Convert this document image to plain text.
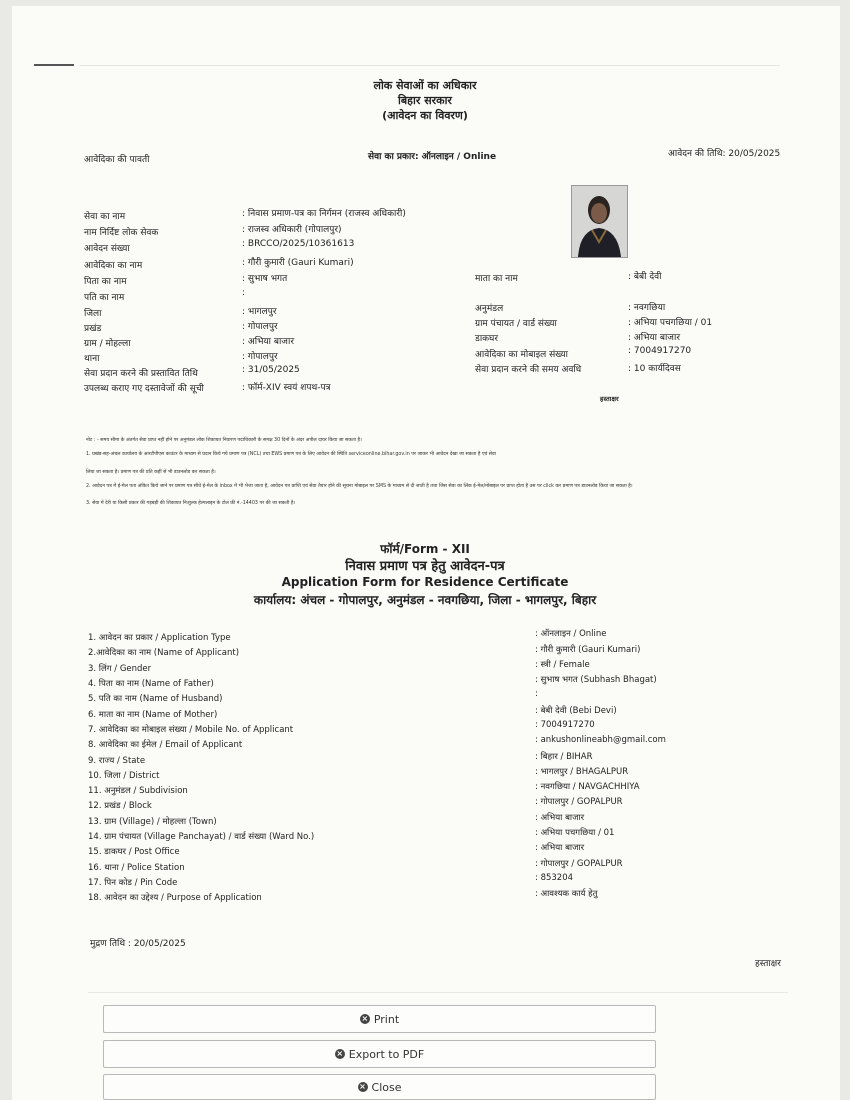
लोक सेवाओं का अधिकार
बिहार सरकार
(आवेदन का विवरण)
आवेदिका की पावती	सेवा का प्रकार: ऑनलाइन / Online	आवेदन की तिथि: 20/05/2025
सेवा का नाम	: निवास प्रमाण-पत्र का निर्गमन (राजस्व अधिकारी)
नाम निर्दिष्ट लोक सेवक	: राजस्व अधिकारी (गोपालपुर)
आवेदन संख्या	: BRCCO/2025/10361613
आवेदिका का नाम	: गौरी कुमारी (Gauri Kumari)
पिता का नाम	: सुभाष भगत
पति का नाम	:
जिला	: भागलपुर
प्रखंड	: गोपालपुर
ग्राम / मोहल्ला	: अभिया बाजार
थाना	: गोपालपुर
सेवा प्रदान करने की प्रस्तावित तिथि	: 31/05/2025
उपलब्ध कराए गए दस्तावेजों की सूची	: फॉर्म-XIV स्वयं शपथ-पत्र
माता का नाम	: बेबी देवी
अनुमंडल	: नवगछिया
ग्राम पंचायत / वार्ड संख्या	: अभिया पचगछिया / 01
डाकघर	: अभिया बाजार
आवेदिका का मोबाइल संख्या	: 7004917270
सेवा प्रदान करने की समय अवधि	: 10 कार्यदिवस
हस्ताक्षर
नोट : - समय सीमा के अंतर्गत सेवा प्राप्त नहीं होने पर अनुमंडल लोक शिकायत निवारण पदाधिकारी के समक्ष 30 दिनों के अंदर अपील दायर किया जा सकता है।
1. प्रखंड-सह-अंचल कार्यालय के आरटीपीएस काउंटर के माध्यम से प्रदान किये गये प्रमाण पत्र (NCL) तथा EWS प्रमाण पत्र के लिए आवेदन की स्थिति serviceonline.bihar.gov.in पर जाकर भी आवेदन देखा जा सकता है एवं सेवा
लिया जा सकता है। प्रमाण पत्र की प्रति कहीं से भी डाउनलोड कर सकता है।
2. आवेदन पत्र में ई-मेल पता अंकित किये जाने पर प्रमाण पत्र सीधे ई-मेल के inbox में भी भेजा जाता है, आवेदन पत्र प्राप्ति एवं सेवा तैयार होने की सूचना मोबाइल पर SMS के माध्यम से दी जाती है तथा जिस सेवा का लिंक ई-मेल/मोबाइल पर प्राप्त होता है उस पर click कर प्रमाण पत्र डाउनलोड किया जा सकता है।
3. सेवा में देरी या किसी प्रकार की गड़बड़ी की शिकायत निःशुल्क हेल्पलाइन के टोल फ्री नं.-14403 पर की जा सकती है।
फॉर्म/Form - XII
निवास प्रमाण पत्र हेतु आवेदन-पत्र
Application Form for Residence Certificate
कार्यालय: अंचल - गोपालपुर, अनुमंडल - नवगछिया, जिला - भागलपुर, बिहार
1. आवेदन का प्रकार / Application Type	: ऑनलाइन / Online
2.आवेदिका का नाम (Name of Applicant)	: गौरी कुमारी (Gauri Kumari)
3. लिंग / Gender	: स्त्री / Female
4. पिता का नाम (Name of Father)	: सुभाष भगत (Subhash Bhagat)
5. पति का नाम (Name of Husband)	:
6. माता का नाम (Name of Mother)	: बेबी देवी (Bebi Devi)
7. आवेदिका का मोबाइल संख्या / Mobile No. of Applicant	: 7004917270
8. आवेदिका का ईमेल / Email of Applicant	: ankushonlineabh@gmail.com
9. राज्य / State	: बिहार / BIHAR
10. जिला / District	: भागलपुर / BHAGALPUR
11. अनुमंडल / Subdivision	: नवगछिया / NAVGACHHIYA
12. प्रखंड / Block	: गोपालपुर / GOPALPUR
13. ग्राम (Village) / मोहल्ला (Town)	: अभिया बाजार
14. ग्राम पंचायत (Village Panchayat) / वार्ड संख्या (Ward No.)	: अभिया पचगछिया / 01
15. डाकघर / Post Office	: अभिया बाजार
16. थाना / Police Station	: गोपालपुर / GOPALPUR
17. पिन कोड / Pin Code	: 853204
18. आवेदन का उद्देश्य / Purpose of Application	: आवश्यक कार्य हेतु
मुद्रण तिथि : 20/05/2025
हस्ताक्षर
× Print
× Export to PDF
× Close
